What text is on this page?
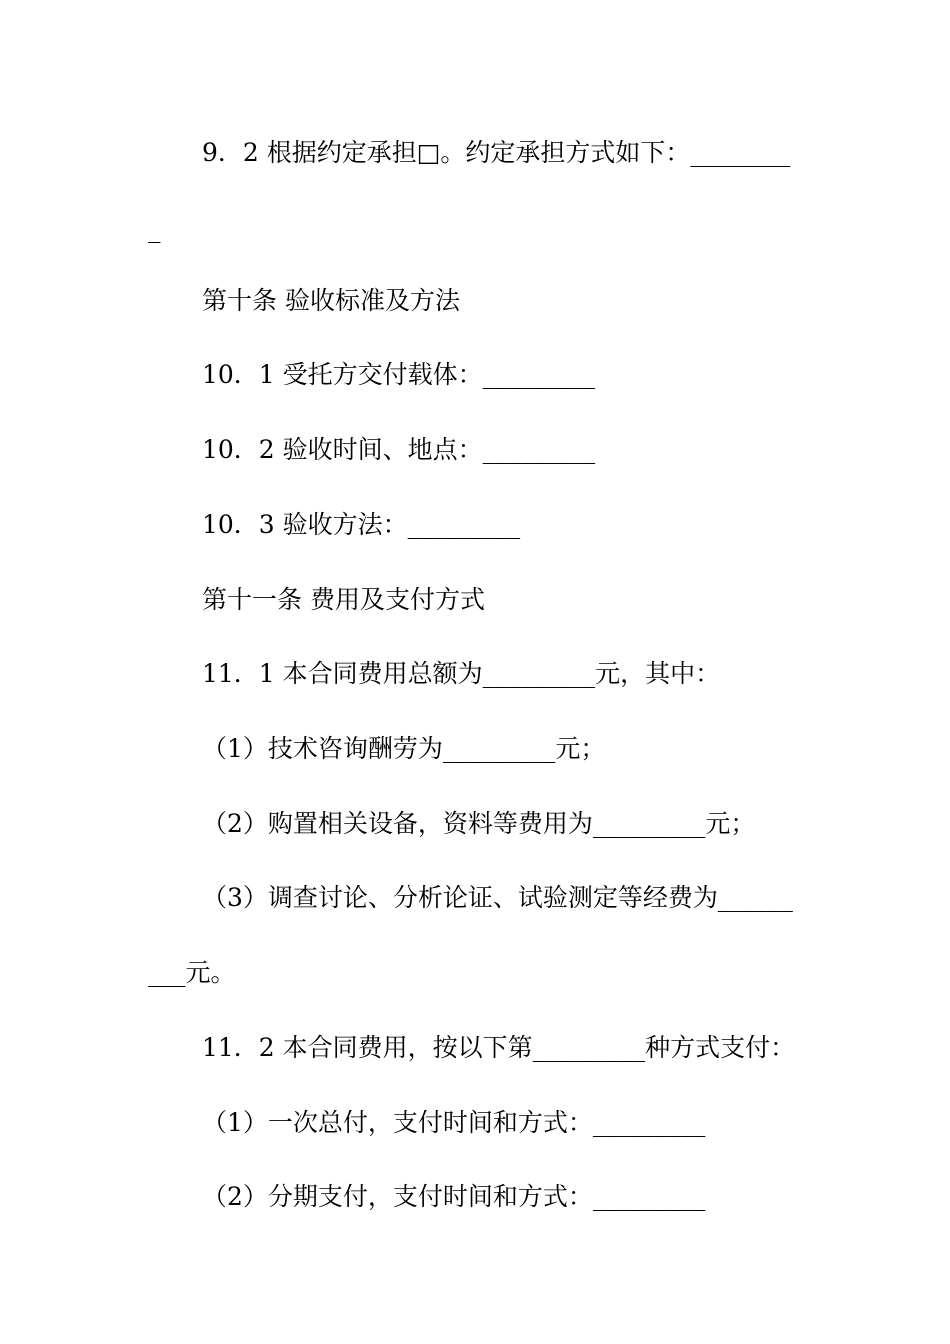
9．2 根据约定承担□。约定承担方式如下：________
_
第十条 验收标准及方法
10．1 受托方交付载体：_________
10．2 验收时间、地点：_________
10．3 验收方法：_________
第十一条 费用及支付方式
11．1 本合同费用总额为_________元，其中：
（1）技术咨询酬劳为_________元；
（2）购置相关设备，资料等费用为_________元；
（3）调查讨论、分析论证、试验测定等经费为______
___元。
11．2 本合同费用，按以下第_________种方式支付：
（1）一次总付，支付时间和方式：_________
（2）分期支付，支付时间和方式：_________
